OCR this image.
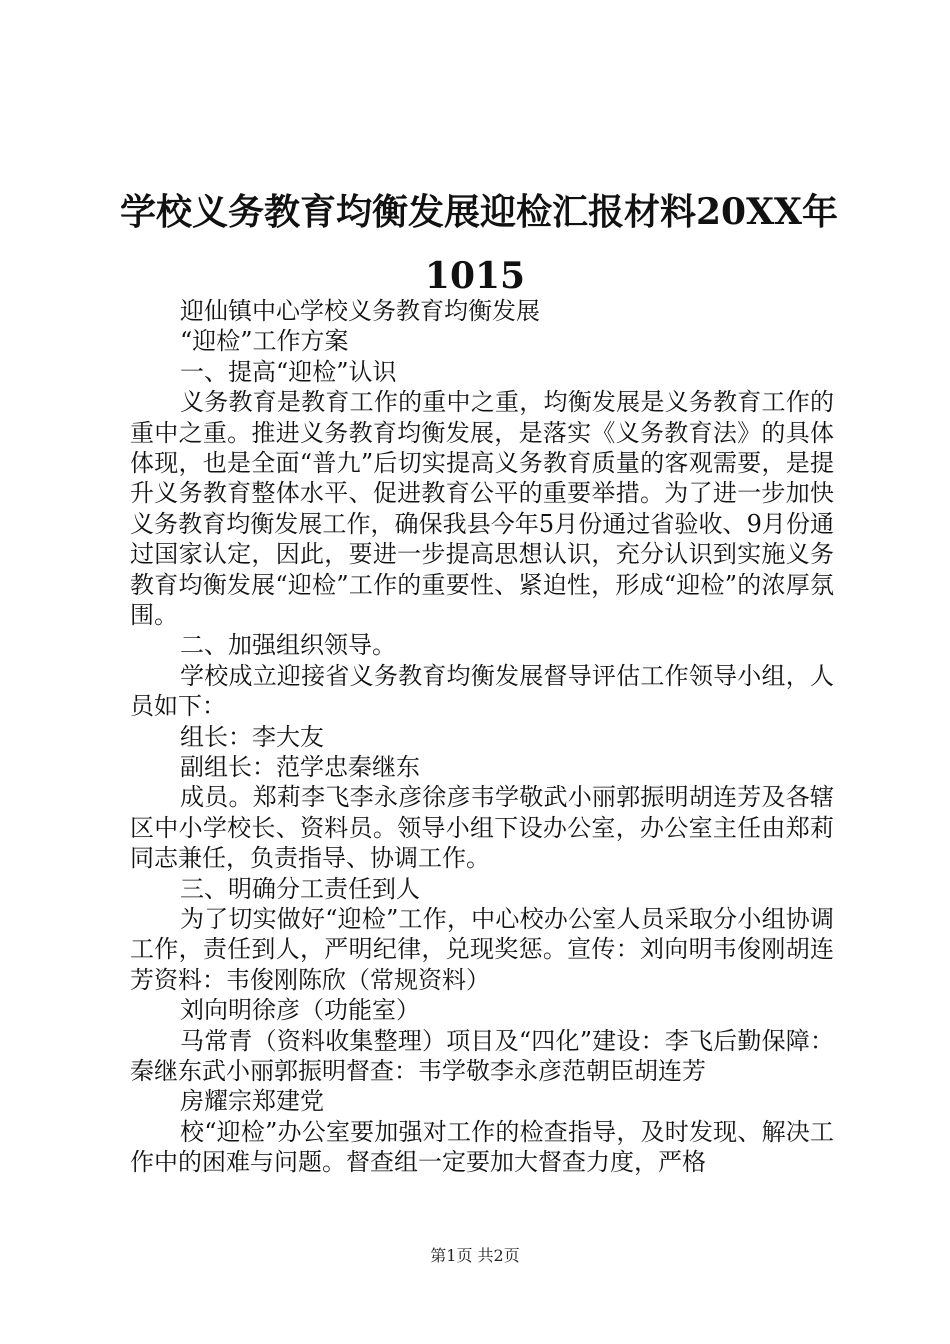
学校义务教育均衡发展迎检汇报材料20XX年
1015
迎仙镇中心学校义务教育均衡发展
“迎检”工作方案
一、提高“迎检”认识
义务教育是教育工作的重中之重，均衡发展是义务教育工作的重中之重。推进义务教育均衡发展，是落实《义务教育法》的具体体现，也是全面“普九”后切实提高义务教育质量的客观需要，是提升义务教育整体水平、促进教育公平的重要举措。为了进一步加快义务教育均衡发展工作，确保我县今年5月份通过省验收、9月份通过国家认定，因此，要进一步提高思想认识，充分认识到实施义务教育均衡发展“迎检”工作的重要性、紧迫性，形成“迎检”的浓厚氛围。
二、加强组织领导。
学校成立迎接省义务教育均衡发展督导评估工作领导小组，人员如下：
组长：李大友
副组长：范学忠秦继东
成员。郑莉李飞李永彦徐彦韦学敬武小丽郭振明胡连芳及各辖区中小学校长、资料员。领导小组下设办公室，办公室主任由郑莉同志兼任，负责指导、协调工作。
三、明确分工责任到人
为了切实做好“迎检”工作，中心校办公室人员采取分小组协调工作，责任到人，严明纪律，兑现奖惩。宣传：刘向明韦俊刚胡连芳资料：韦俊刚陈欣（常规资料）
刘向明徐彦（功能室）
马常青（资料收集整理）项目及“四化”建设：李飞后勤保障：秦继东武小丽郭振明督查：韦学敬李永彦范朝臣胡连芳
房耀宗郑建党
校“迎检”办公室要加强对工作的检查指导，及时发现、解决工作中的困难与问题。督查组一定要加大督查力度，严格
第1页 共2页
